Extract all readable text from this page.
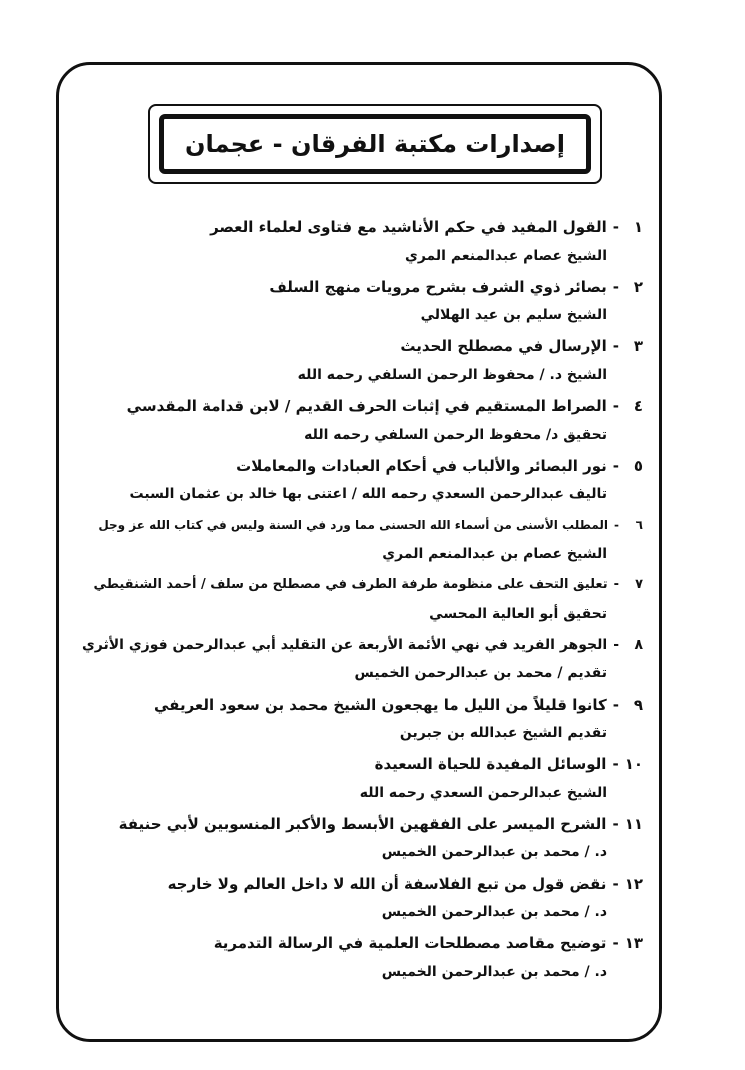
إصدارات مكتبة الفرقان - عجمان
١-القول المفيد في حكم الأناشيد مع فتاوى لعلماء العصر
الشيخ عصام عبدالمنعم المري
٢-بصائر ذوي الشرف بشرح مرويات منهج السلف
الشيخ سليم بن عيد الهلالي
٣-الإرسال في مصطلح الحديث
الشيخ د. / محفوظ الرحمن السلفي رحمه الله
٤-الصراط المستقيم في إثبات الحرف القديم / لابن قدامة المقدسي
تحقيق د/ محفوظ الرحمن السلفي رحمه الله
٥-نور البصائر والألباب في أحكام العبادات والمعاملات
تاليف عبدالرحمن السعدي رحمه الله / اعتنى بها خالد بن عثمان السبت
٦-المطلب الأسنى من أسماء الله الحسنى مما ورد في السنة وليس في كتاب الله عز وجل
الشيخ عصام بن عبدالمنعم المري
٧-تعليق التحف على منظومة طرفة الطرف في مصطلح من سلف / أحمد الشنقيطي
تحقيق أبو العالية المحسي
٨-الجوهر الفريد في نهي الأئمة الأربعة عن التقليد أبي عبدالرحمن فوزي الأثري
تقديم / محمد بن عبدالرحمن الخميس
٩-كانوا قليلاً من الليل ما يهجعون الشيخ محمد بن سعود العريفي
تقديم الشيخ عبدالله بن جبرين
١٠-الوسائل المفيدة للحياة السعيدة
الشيخ عبدالرحمن السعدي رحمه الله
١١-الشرح الميسر على الفقهين الأبسط والأكبر المنسوبين لأبي حنيفة
د. / محمد بن عبدالرحمن الخميس
١٢-نقض قول من تبع الفلاسفة أن الله لا داخل العالم ولا خارجه
د. / محمد بن عبدالرحمن الخميس
١٣-توضيح مقاصد مصطلحات العلمية في الرسالة التدمرية
د. / محمد بن عبدالرحمن الخميس
